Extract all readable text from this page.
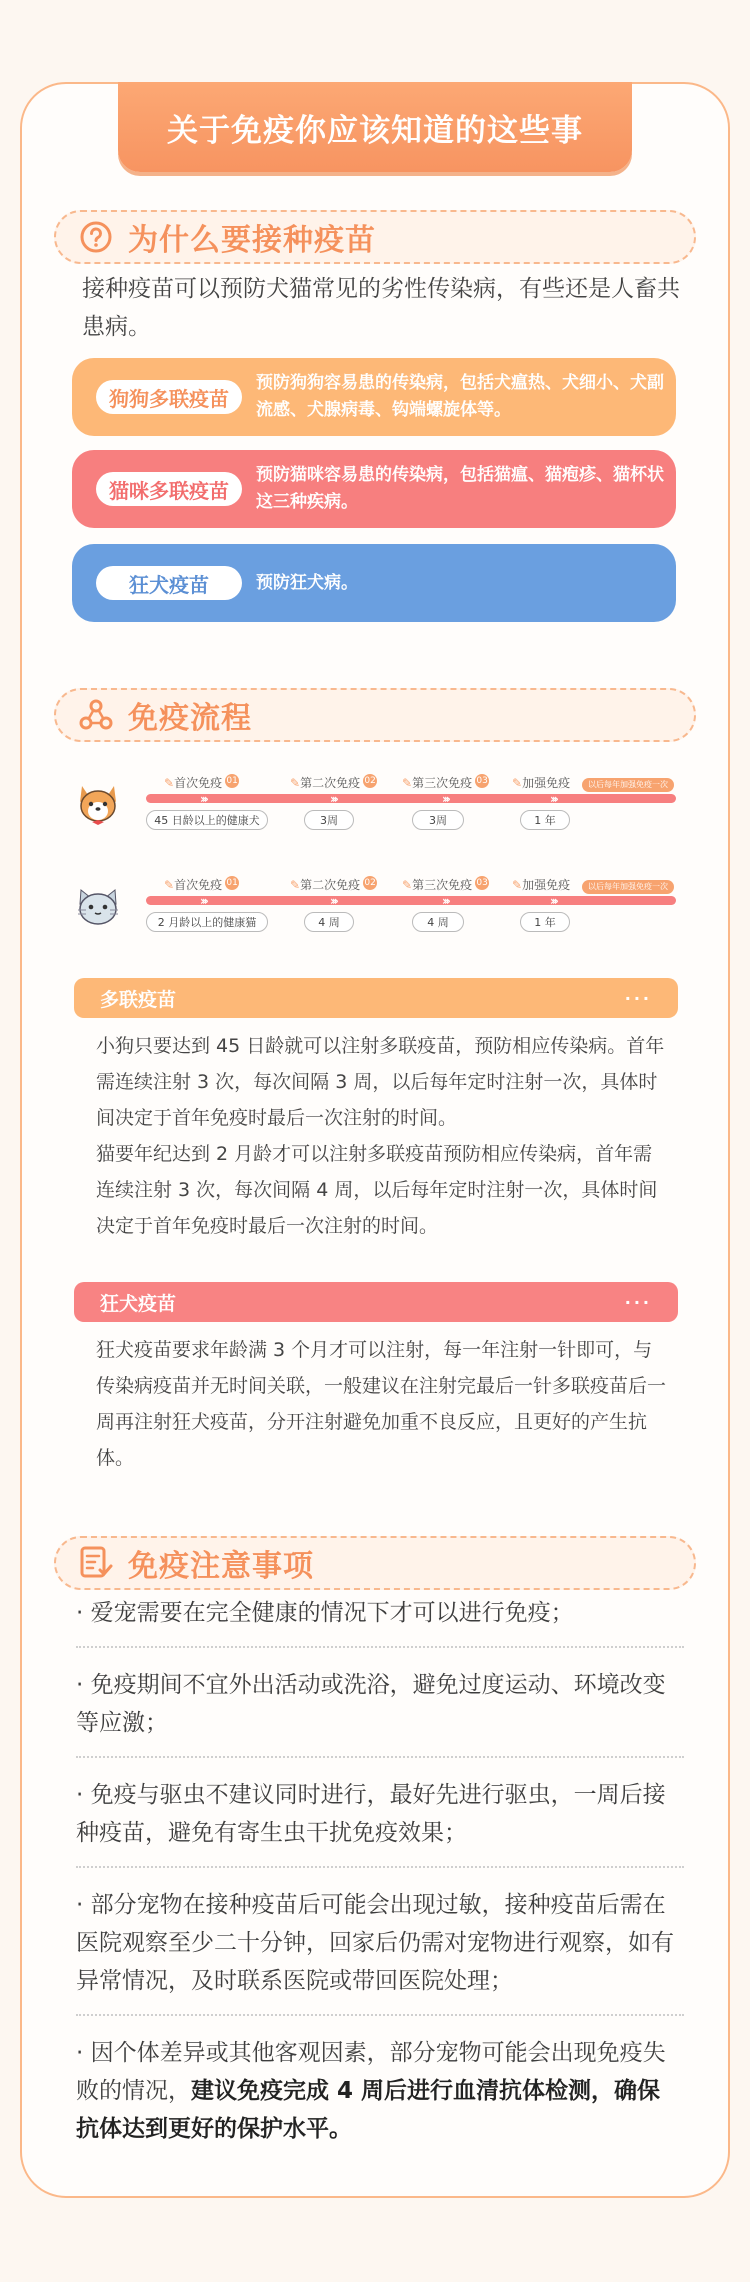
关于免疫你应该知道的这些事
为什么要接种疫苗
接种疫苗可以预防犬猫常见的劣性传染病，有些还是人畜共患病。
狗狗多联疫苗
预防狗狗容易患的传染病，包括犬瘟热、犬细小、犬副流感、犬腺病毒、钩端螺旋体等。
猫咪多联疫苗
预防猫咪容易患的传染病，包括猫瘟、猫疱疹、猫杯状这三种疾病。
狂犬疫苗	预防狂犬病。
免疫流程
✎首次免疫 01	✎第二次免疫 02 ✎第三次免疫 03 ✎加强免疫	以后每年加强免疫一次
›››	›››	›››	›››
45 日龄以上的健康犬	3周	3周	1 年
✎首次免疫 01	✎第二次免疫 02 ✎第三次免疫 03 ✎加强免疫	以后每年加强免疫一次
›››	›››	›››	›››
2 月龄以上的健康猫	4 周	4 周	1 年
多联疫苗	···
小狗只要达到 45 日龄就可以注射多联疫苗，预防相应传染病。首年需连续注射 3 次，每次间隔 3 周，以后每年定时注射一次，具体时间决定于首年免疫时最后一次注射的时间。
猫要年纪达到 2 月龄才可以注射多联疫苗预防相应传染病，首年需连续注射 3 次，每次间隔 4 周，以后每年定时注射一次，具体时间决定于首年免疫时最后一次注射的时间。
狂犬疫苗	···
狂犬疫苗要求年龄满 3 个月才可以注射，每一年注射一针即可，与传染病疫苗并无时间关联，一般建议在注射完最后一针多联疫苗后一周再注射狂犬疫苗，分开注射避免加重不良反应，且更好的产生抗体。
免疫注意事项
· 爱宠需要在完全健康的情况下才可以进行免疫；
· 免疫期间不宜外出活动或洗浴，避免过度运动、环境改变等应激；
· 免疫与驱虫不建议同时进行，最好先进行驱虫，一周后接种疫苗，避免有寄生虫干扰免疫效果；
· 部分宠物在接种疫苗后可能会出现过敏，接种疫苗后需在医院观察至少二十分钟，回家后仍需对宠物进行观察，如有异常情况，及时联系医院或带回医院处理；
· 因个体差异或其他客观因素，部分宠物可能会出现免疫失败的情况，建议免疫完成 4 周后进行血清抗体检测，确保抗体达到更好的保护水平。
